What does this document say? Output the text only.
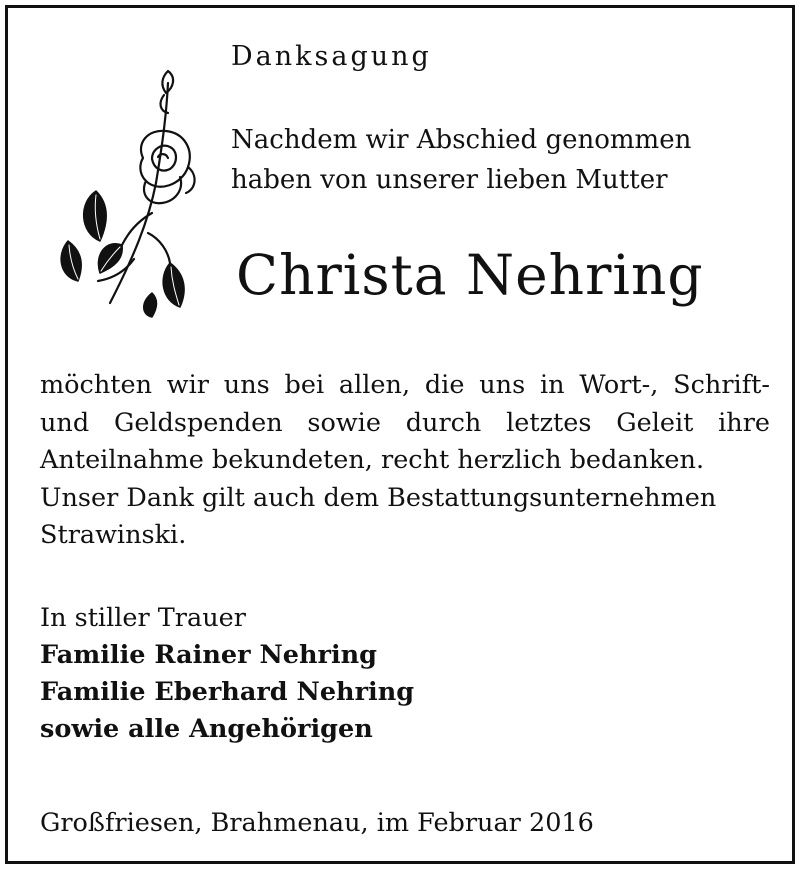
Danksagung
Nachdem wir Abschied genommen
haben von unserer lieben Mutter
Christa Nehring
möchten wir uns bei allen, die uns in Wort-, Schrift-
und Geldspenden sowie durch letztes Geleit ihre
Anteilnahme bekundeten, recht herzlich bedanken.
Unser Dank gilt auch dem Bestattungsunternehmen
Strawinski.
In stiller Trauer
Familie Rainer Nehring
Familie Eberhard Nehring
sowie alle Angehörigen
Großfriesen, Brahmenau, im Februar 2016
